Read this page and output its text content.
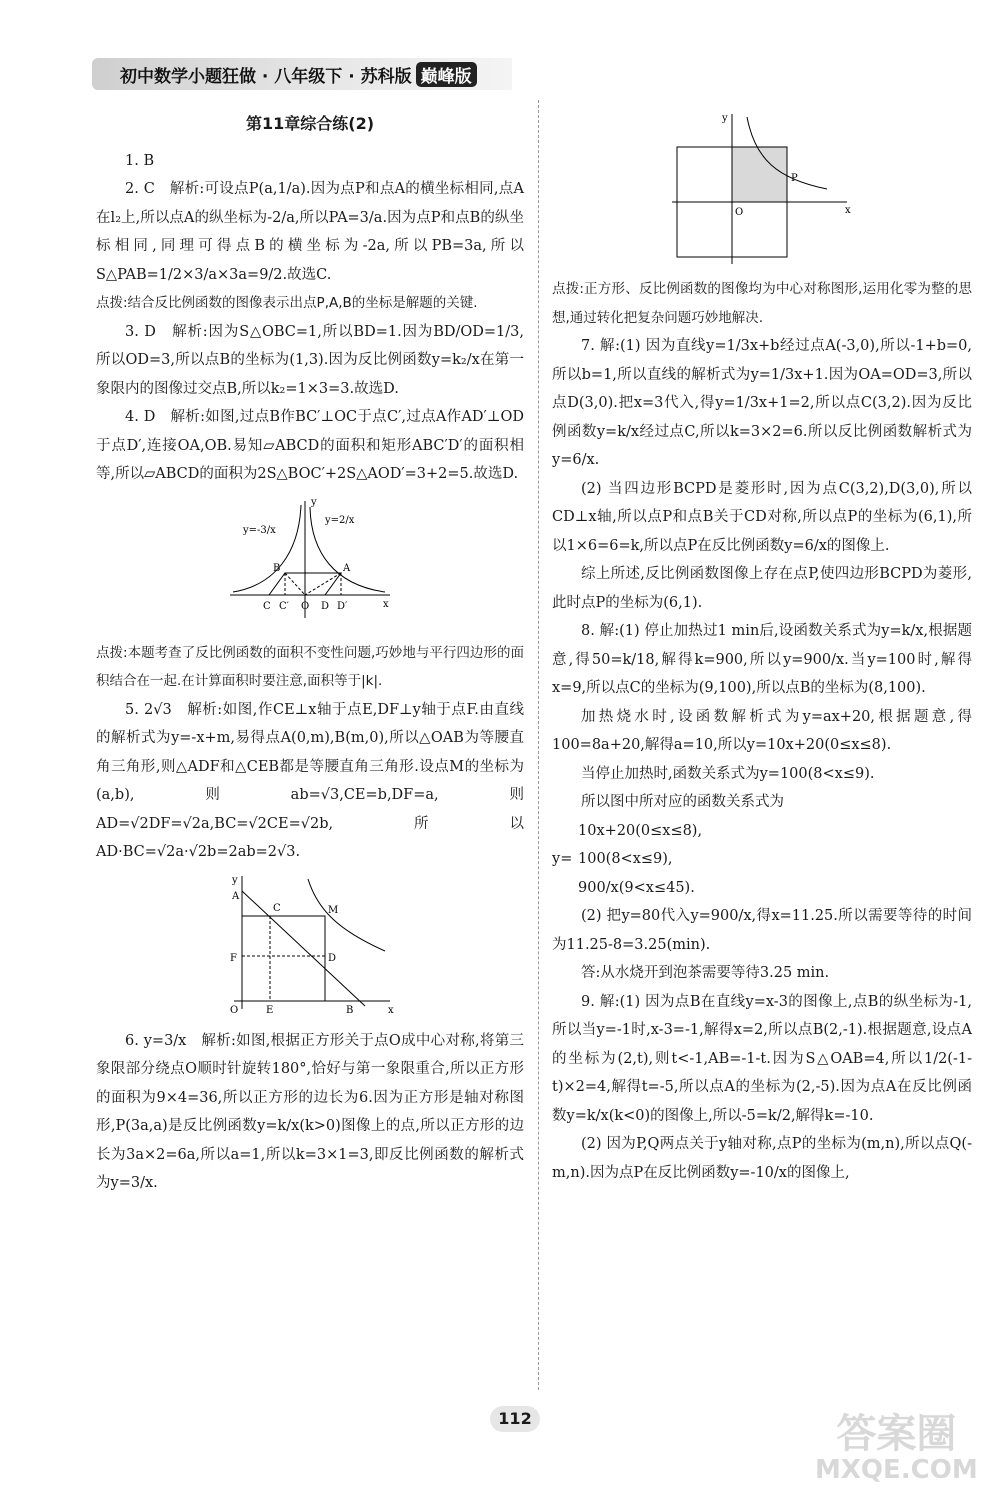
初中数学小题狂做 · 八年级下 · 苏科版 巅峰版
第11章综合练(2)

1. B

2. C　解析:可设点P(a,1/a).因为点P和点A的横坐标相同,点A在l₂上,所以点A的纵坐标为-2/a,所以PA=3/a.因为点P和点B的纵坐标相同,同理可得点B的横坐标为-2a,所以PB=3a,所以S△PAB=1/2×3/a×3a=9/2.故选C.

点拨:结合反比例函数的图像表示出点P,A,B的坐标是解题的关键.

3. D　解析:因为S△OBC=1,所以BD=1.因为BD/OD=1/3,所以OD=3,所以点B的坐标为(1,3).因为反比例函数y=k₂/x在第一象限内的图像过交点B,所以k₂=1×3=3.故选D.

4. D　解析:如图,过点B作BC′⊥OC于点C′,过点A作AD′⊥OD于点D′,连接OA,OB.易知▱ABCD的面积和矩形ABC′D′的面积相等,所以▱ABCD的面积为2S△BOC′+2S△AOD′=3+2=5.故选D.

y
x
y=-3/x
y=2/x
B	A
C C′ O D D′

点拨:本题考查了反比例函数的面积不变性问题,巧妙地与平行四边形的面积结合在一起.在计算面积时要注意,面积等于|k|.

5. 2√3　解析:如图,作CE⊥x轴于点E,DF⊥y轴于点F.由直线的解析式为y=-x+m,易得点A(0,m),B(m,0),所以△OAB为等腰直角三角形,则△ADF和△CEB都是等腰直角三角形.设点M的坐标为(a,b),则ab=√3,CE=b,DF=a,则AD=√2DF=√2a,BC=√2CE=√2b,所以AD·BC=√2a·√2b=2ab=2√3.

y
x
A
C	M
F	D
O	E	B

6. y=3/x　解析:如图,根据正方形关于点O成中心对称,将第三象限部分绕点O顺时针旋转180°,恰好与第一象限重合,所以正方形的面积为9×4=36,所以正方形的边长为6.因为正方形是轴对称图形,P(3a,a)是反比例函数y=k/x(k>0)图像上的点,所以正方形的边长为3a×2=6a,所以a=1,所以k=3×1=3,即反比例函数的解析式为y=3/x.

y
x
P
O

点拨:正方形、反比例函数的图像均为中心对称图形,运用化零为整的思想,通过转化把复杂问题巧妙地解决.

7. 解:(1) 因为直线y=1/3x+b经过点A(-3,0),所以-1+b=0,所以b=1,所以直线的解析式为y=1/3x+1.因为OA=OD=3,所以点D(3,0).把x=3代入,得y=1/3x+1=2,所以点C(3,2).因为反比例函数y=k/x经过点C,所以k=3×2=6.所以反比例函数解析式为y=6/x.

(2) 当四边形BCPD是菱形时,因为点C(3,2),D(3,0),所以CD⊥x轴,所以点P和点B关于CD对称,所以点P的坐标为(6,1),所以1×6=6=k,所以点P在反比例函数y=6/x的图像上.

综上所述,反比例函数图像上存在点P,使四边形BCPD为菱形,此时点P的坐标为(6,1).

8. 解:(1) 停止加热过1 min后,设函数关系式为y=k/x,根据题意,得50=k/18,解得k=900,所以y=900/x.当y=100时,解得x=9,所以点C的坐标为(9,100),所以点B的坐标为(8,100).

加热烧水时,设函数解析式为y=ax+20,根据题意,得100=8a+20,解得a=10,所以y=10x+20(0≤x≤8).

当停止加热时,函数关系式为y=100(8<x≤9).

所以图中所对应的函数关系式为

y=
10x+20(0≤x≤8),
100(8<x≤9),
900/x(9<x≤45).

(2) 把y=80代入y=900/x,得x=11.25.所以需要等待的时间为11.25-8=3.25(min).

答:从水烧开到泡茶需要等待3.25 min.

9. 解:(1) 因为点B在直线y=x-3的图像上,点B的纵坐标为-1,所以当y=-1时,x-3=-1,解得x=2,所以点B(2,-1).根据题意,设点A的坐标为(2,t),则t<-1,AB=-1-t.因为S△OAB=4,所以1/2(-1-t)×2=4,解得t=-5,所以点A的坐标为(2,-5).因为点A在反比例函数y=k/x(k<0)的图像上,所以-5=k/2,解得k=-10.

(2) 因为P,Q两点关于y轴对称,点P的坐标为(m,n),所以点Q(-m,n).因为点P在反比例函数y=-10/x的图像上,

112	答案圈
MXQE.COM
